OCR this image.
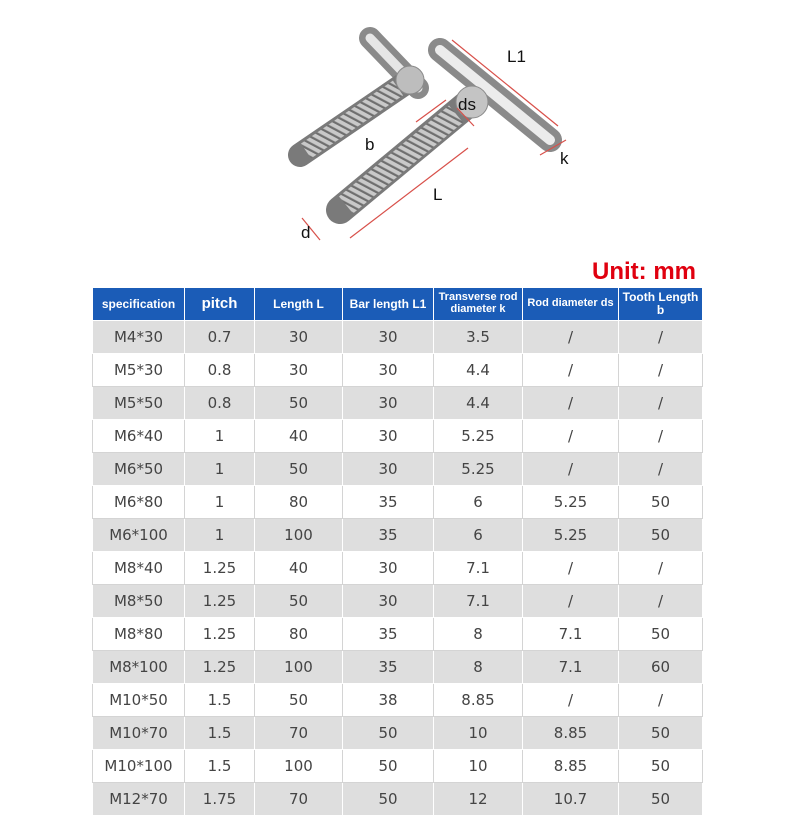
L1
ds
b
k
L
d
Unit: mm
specification	pitch	Length L	Bar length L1	Transverse rod diameter k	Rod diameter ds	Tooth Length b
M4*30	0.7	30	30	3.5	/	/
M5*30	0.8	30	30	4.4	/	/
M5*50	0.8	50	30	4.4	/	/
M6*40	1	40	30	5.25	/	/
M6*50	1	50	30	5.25	/	/
M6*80	1	80	35	6	5.25	50
M6*100	1	100	35	6	5.25	50
M8*40	1.25	40	30	7.1	/	/
M8*50	1.25	50	30	7.1	/	/
M8*80	1.25	80	35	8	7.1	50
M8*100	1.25	100	35	8	7.1	60
M10*50	1.5	50	38	8.85	/	/
M10*70	1.5	70	50	10	8.85	50
M10*100	1.5	100	50	10	8.85	50
M12*70	1.75	70	50	12	10.7	50
